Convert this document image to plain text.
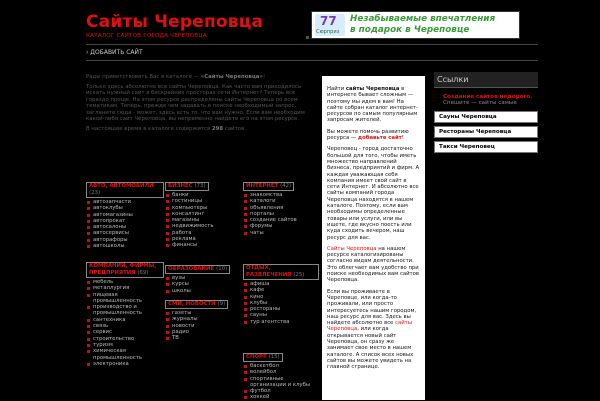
Сайты Череповца
КАТАЛОГ САЙТОВ ГОРОДА ЧЕРЕПОВЦА	в
77
Сюрприз
Незабываемые впечатления
в подарок в Череповце
› ДОБАВИТЬ САЙТ

Рады приветствовать Вас в каталоге — «Сайты Череповца»!

Только здесь абсолютно все сайты Череповца. Как часто вам приходилось искать нужный сайт в бескрайних просторах сети Интернет? Теперь все гораздо проще. На этом ресурсе распределены сайты Череповца по всем тематикам. Теперь, прежде чем задавать в поиске необходимый запрос, загляните сюда - может, здесь есть то, что вам нужно. Если вам необходим какой-либо сайт Череповца, вы непременно найдете его на этом ресурсе.

В настоящее время в каталоге содержится 298 сайтов.

АВТО, АВТОМОБИЛИ (23)
автозапчасти
автоклубы
автомагазины
автопрокат
автосалоны
автосервисы
авторафоры
автошколы
КОМПАНИИ, ФИРМЫ, ПРЕДПРИЯТИЯ (69)
мебель
металлургия
пищевая промышленность
производство и промышленность
сантехника
связь
сервис
строительство
туризм
химическая промышленность
электроника
БИЗНЕС (73)
банки
гостиницы
компьютеры
консалтинг
магазины
недвижимость
работа
реклама
финансы
ОБРАЗОВАНИЕ (10)
вузы
курсы
школы
СМИ, НОВОСТИ (9)
газеты
журналы
новости
радио
ТВ
ИНТЕРНЕТ (42)
знакомства
каталоги
объявления
порталы
создание сайтов
форумы
чаты
ОТДЫХ, РАЗВЛЕЧЕНИЯ (25)
афиша
кафе
кино
клубы
рестораны
сауны
тур агентства
СПОРТ (15)
баскетбол
волейбол
спортивные организации и клубы
футбол
хоккей

Найти сайты Череповца в интернете бывает сложным — поэтому мы идем в вам! На сайте собран каталог интернет-ресурсов по самым популярным запросам жителей.

Вы можете помочь развитию ресурса — добавьте сайт!

Череповец - город достаточно большой для того, чтобы иметь множество направлений бизнеса, предприятий и фирм. А каждая уважающая себя компания имеет свой сайт в сети Интернет. И абсолютно все сайты компаний города Череповца находятся в нашем каталоге. Поэтому, если вам необходимы определенные товары или услуги, или вы ищете, где вкусно поесть или куда сходить вечером, наш ресурс для вас.

Сайты Череповца на нашем ресурсе каталогизированы согласно видам деятельности. Это облегчает вам удобство при поиске необходимых вам сайтов Череповца.

Если вы проживаете в Череповце, или когда-то проживали, или просто интересуетесь нашим городом, наш ресурс для вас. Здесь вы найдете абсолютно все сайты Череповца, или когда открывается новый сайт Череповца, он сразу же занимает свое место в нашем каталоге. А список всех новых сайтов вы можете увидеть на главной странице.

Ссылки
Создание сайтов недорого. Спешите — сайты самые
Сауны Череповца
Рестораны Череповца
Такси Череповец
